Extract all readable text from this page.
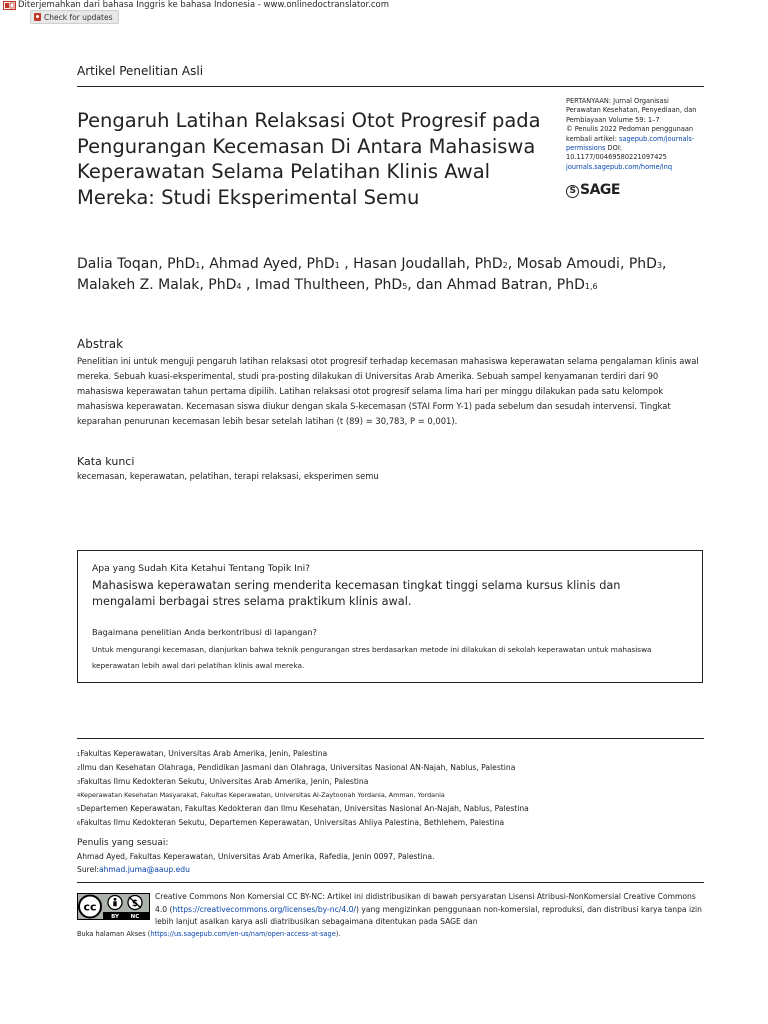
Diterjemahkan dari bahasa Inggris ke bahasa Indonesia - www.onlinedoctranslator.com
Check for updates
Artikel Penelitian Asli
Pengaruh Latihan Relaksasi Otot Progresif pada
Pengurangan Kecemasan Di Antara Mahasiswa
Keperawatan Selama Pelatihan Klinis Awal
Mereka: Studi Eksperimental Semu
PERTANYAAN: Jurnal Organisasi
Perawatan Kesehatan, Penyediaan, dan
Pembiayaan Volume 59: 1–7
© Penulis 2022 Pedoman penggunaan
kembali artikel: sagepub.com/journals-
permissions DOI:
10.1177/00469580221097425
journals.sagepub.com/home/inq
S SAGE
Dalia Toqan, PhD1, Ahmad Ayed, PhD1 , Hasan Joudallah, PhD2, Mosab Amoudi, PhD3,
Malakeh Z. Malak, PhD4 , Imad Thultheen, PhD5, dan Ahmad Batran, PhD1,6
Abstrak
Penelitian ini untuk menguji pengaruh latihan relaksasi otot progresif terhadap kecemasan mahasiswa keperawatan selama pengalaman klinis awal mereka. Sebuah kuasi-eksperimental, studi pra-posting dilakukan di Universitas Arab Amerika. Sebuah sampel kenyamanan terdiri dari 90 mahasiswa keperawatan tahun pertama dipilih. Latihan relaksasi otot progresif selama lima hari per minggu dilakukan pada satu kelompok mahasiswa keperawatan. Kecemasan siswa diukur dengan skala S-kecemasan (STAI Form Y-1) pada sebelum dan sesudah intervensi. Tingkat keparahan penurunan kecemasan lebih besar setelah latihan (t (89) = 30,783, P = 0,001).
Kata kunci
kecemasan, keperawatan, pelatihan, terapi relaksasi, eksperimen semu
Apa yang Sudah Kita Ketahui Tentang Topik Ini?
Mahasiswa keperawatan sering menderita kecemasan tingkat tinggi selama kursus klinis dan mengalami berbagai stres selama praktikum klinis awal.
Bagaimana penelitian Anda berkontribusi di lapangan?
Untuk mengurangi kecemasan, dianjurkan bahwa teknik pengurangan stres berdasarkan metode ini dilakukan di sekolah keperawatan untuk mahasiswa keperawatan lebih awal dari pelatihan klinis awal mereka.
1Fakultas Keperawatan, Universitas Arab Amerika, Jenin, Palestina
2Ilmu dan Kesehatan Olahraga, Pendidikan Jasmani dan Olahraga, Universitas Nasional AN-Najah, Nablus, Palestina
3Fakultas Ilmu Kedokteran Sekutu, Universitas Arab Amerika, Jenin, Palestina
4Keperawatan Kesehatan Masyarakat, Fakultas Keperawatan, Universitas Al-Zaytoonah Yordania, Amman, Yordania
5Departemen Keperawatan, Fakultas Kedokteran dan Ilmu Kesehatan, Universitas Nasional An-Najah, Nablus, Palestina
6Fakultas Ilmu Kedokteran Sekutu, Departemen Keperawatan, Universitas Ahliya Palestina, Bethlehem, Palestina
Penulis yang sesuai:
Ahmad Ayed, Fakultas Keperawatan, Universitas Arab Amerika, Rafedia, Jenin 0097, Palestina.
Surel:ahmad.juma@aaup.edu
cc	$
BY NC
Creative Commons Non Komersial CC BY-NC: Artikel ini didistribusikan di bawah persyaratan Lisensi Atribusi-NonKomersial Creative Commons 4.0 (https://creativecommons.org/licenses/by-nc/4.0/) yang mengizinkan penggunaan non-komersial, reproduksi, dan distribusi karya tanpa izin lebih lanjut asalkan karya asli diatribusikan sebagaimana ditentukan pada SAGE dan
Buka halaman Akses (https://us.sagepub.com/en-us/nam/open-access-at-sage).
